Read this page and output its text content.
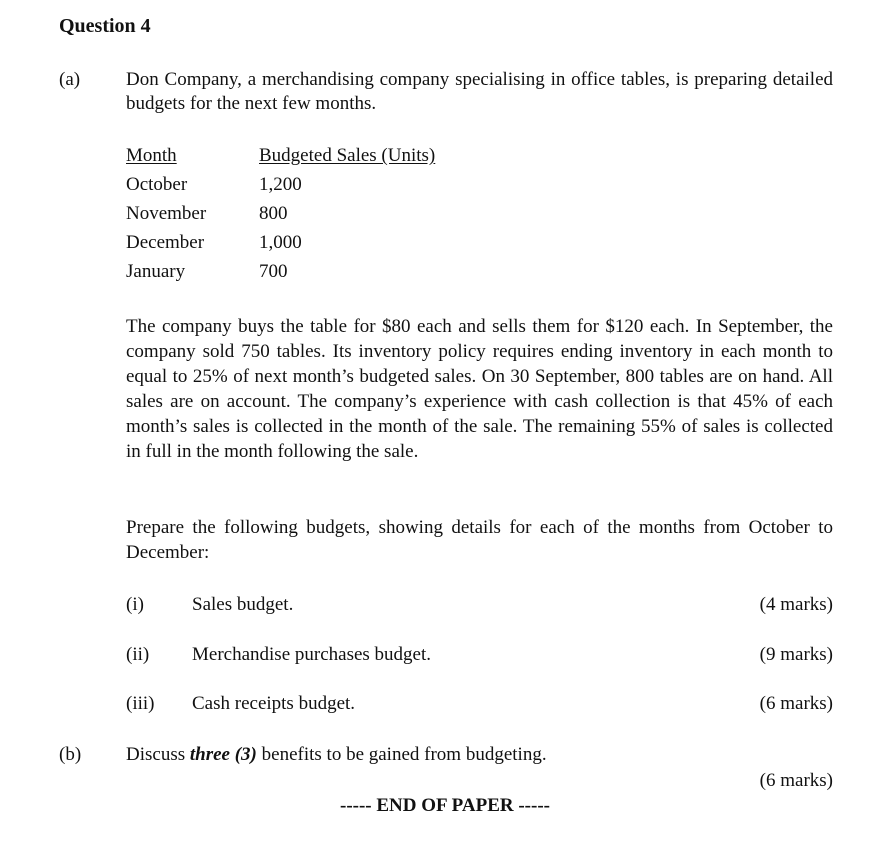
Question 4
(a) Don Company, a merchandising company specialising in office tables, is preparing detailed budgets for the next few months.
Month	Budgeted Sales (Units)
October	1,200
November	800
December	1,000
January	700
The company buys the table for $80 each and sells them for $120 each. In September, the company sold 750 tables. Its inventory policy requires ending inventory in each month to equal to 25% of next month’s budgeted sales. On 30 September, 800 tables are on hand. All sales are on account. The company’s experience with cash collection is that 45% of each month’s sales is collected in the month of the sale. The remaining 55% of sales is collected in full in the month following the sale.
Prepare the following budgets, showing details for each of the months from October to December:
(i)	Sales budget.	(4 marks)
(ii)	Merchandise purchases budget.	(9 marks)
(iii)	Cash receipts budget.	(6 marks)
(b) Discuss three (3) benefits to be gained from budgeting.
(6 marks)
----- END OF PAPER -----
